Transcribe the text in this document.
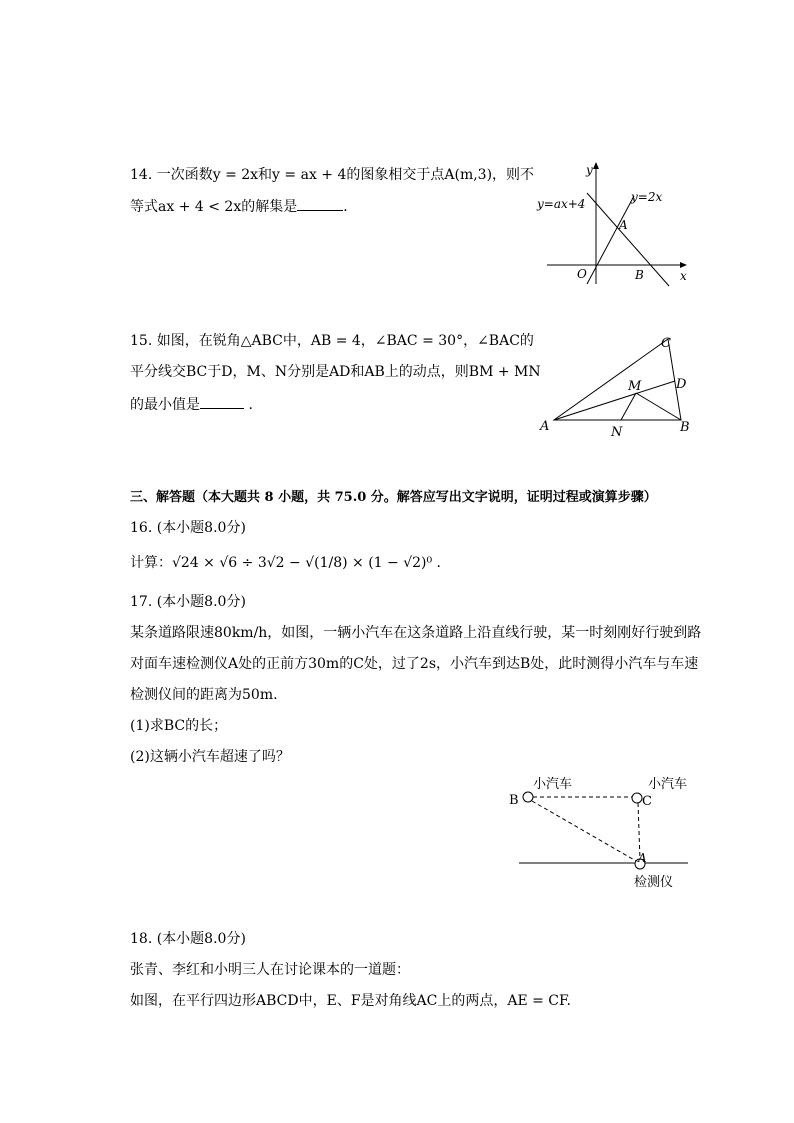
14. 一次函数y = 2x和y = ax + 4的图象相交于点A(m,3)，则不
等式ax + 4 < 2x的解集是	．
y
x
O
A
B
y=ax+4	y=2x
15. 如图，在锐角△ABC中，AB = 4，∠BAC = 30°，∠BAC的
平分线交BC于D，M、N分别是AD和AB上的动点，则BM + MN
的最小值是	.
A	B
C
D
M
N
三、解答题（本大题共 8 小题，共 75.0 分。解答应写出文字说明，证明过程或演算步骤）
16. (本小题8.0分)
计算：√24 × √6 ÷ 3√2 − √(1/8) × (1 − √2)⁰ .
17. (本小题8.0分)
某条道路限速80km/h，如图，一辆小汽车在这条道路上沿直线行驶，某一时刻刚好行驶到路
对面车速检测仪A处的正前方30m的C处，过了2s，小汽车到达B处，此时测得小汽车与车速
检测仪间的距离为50m.
(1)求BC的长；
(2)这辆小汽车超速了吗？
小汽车	小汽车
B	C
A
检测仪
18. (本小题8.0分)
张青、李红和小明三人在讨论课本的一道题：
如图，在平行四边形ABCD中，E、F是对角线AC上的两点，AE = CF.
